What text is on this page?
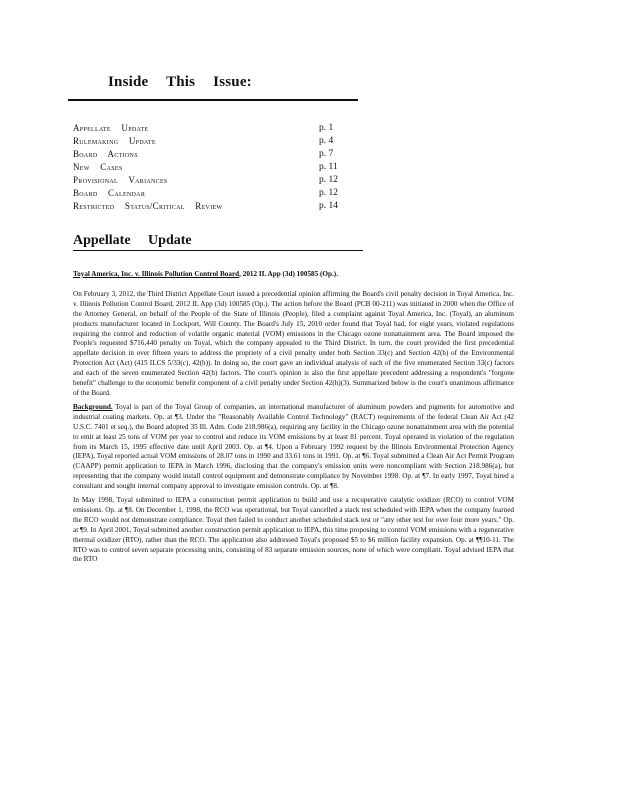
Inside This Issue:
Appellate Update	p. 1
Rulemaking Update	p. 4
Board Actions	p. 7
New Cases	p. 11
Provisional Variances	p. 12
Board Calendar	p. 12
Restricted Status/Critical Review	p. 14
Appellate Update

Toyal America, Inc. v. Illinois Pollution Control Board, 2012 IL App (3d) 100585 (Op.).

On February 3, 2012, the Third District Appellate Court issued a precedential opinion affirming the Board's civil penalty decision in Toyal America, Inc. v. Illinois Pollution Control Board, 2012 IL App (3d) 100585 (Op.). The action before the Board (PCB 00-211) was initiated in 2000 when the Office of the Attorney General, on behalf of the People of the State of Illinois (People), filed a complaint against Toyal America, Inc. (Toyal), an aluminum products manufacturer located in Lockport, Will County. The Board's July 15, 2010 order found that Toyal had, for eight years, violated regulations requiring the control and reduction of volatile organic material (VOM) emissions in the Chicago ozone nonattainment area. The Board imposed the People's requested $716,440 penalty on Toyal, which the company appealed to the Third District. In turn, the court provided the first precedential appellate decision in over fifteen years to address the propriety of a civil penalty under both Section 33(c) and Section 42(h) of the Environmental Protection Act (Act) (415 ILCS 5/33(c), 42(h)). In doing so, the court gave an individual analysis of each of the five enumerated Section 33(c) factors and each of the seven enumerated Section 42(h) factors. The court's opinion is also the first appellate precedent addressing a respondent's "forgone benefit" challenge to the economic benefit component of a civil penalty under Section 42(h)(3). Summarized below is the court's unanimous affirmance of the Board.

Background. Toyal is part of the Toyal Group of companies, an international manufacturer of aluminum powders and pigments for automotive and industrial coating markets. Op. at ¶3. Under the "Reasonably Available Control Technology" (RACT) requirements of the federal Clean Air Act (42 U.S.C. 7401 et seq.), the Board adopted 35 Ill. Adm. Code 218.986(a), requiring any facility in the Chicago ozone nonattainment area with the potential to emit at least 25 tons of VOM per year to control and reduce its VOM emissions by at least 81 percent. Toyal operated in violation of the regulation from its March 15, 1995 effective date until April 2003. Op. at ¶4. Upon a February 1992 request by the Illinois Environmental Protection Agency (IEPA), Toyal reported actual VOM emissions of 28.07 tons in 1990 and 33.61 tons in 1991. Op. at ¶6. Toyal submitted a Clean Air Act Permit Program (CAAPP) permit application to IEPA in March 1996, disclosing that the company's emission units were noncompliant with Section 218.986(a), but representing that the company would install control equipment and demonstrate compliance by November 1998. Op. at ¶7. In early 1997, Toyal hired a consultant and sought internal company approval to investigate emission controls. Op. at ¶8.

In May 1998, Toyal submitted to IEPA a construction permit application to build and use a recuperative catalytic oxidizer (RCO) to control VOM emissions. Op. at ¶8. On December 1, 1998, the RCO was operational, but Toyal cancelled a stack test scheduled with IEPA when the company learned the RCO would not demonstrate compliance. Toyal then failed to conduct another scheduled stack test or "any other test for over four more years." Op. at ¶9. In April 2001, Toyal submitted another construction permit application to IEPA, this time proposing to control VOM emissions with a regenerative thermal oxidizer (RTO), rather than the RCO. The application also addressed Toyal's proposed $5 to $6 million facility expansion. Op. at ¶¶10-11. The RTO was to control seven separate processing units, consisting of 83 separate emission sources, none of which were compliant. Toyal advised IEPA that the RTO
